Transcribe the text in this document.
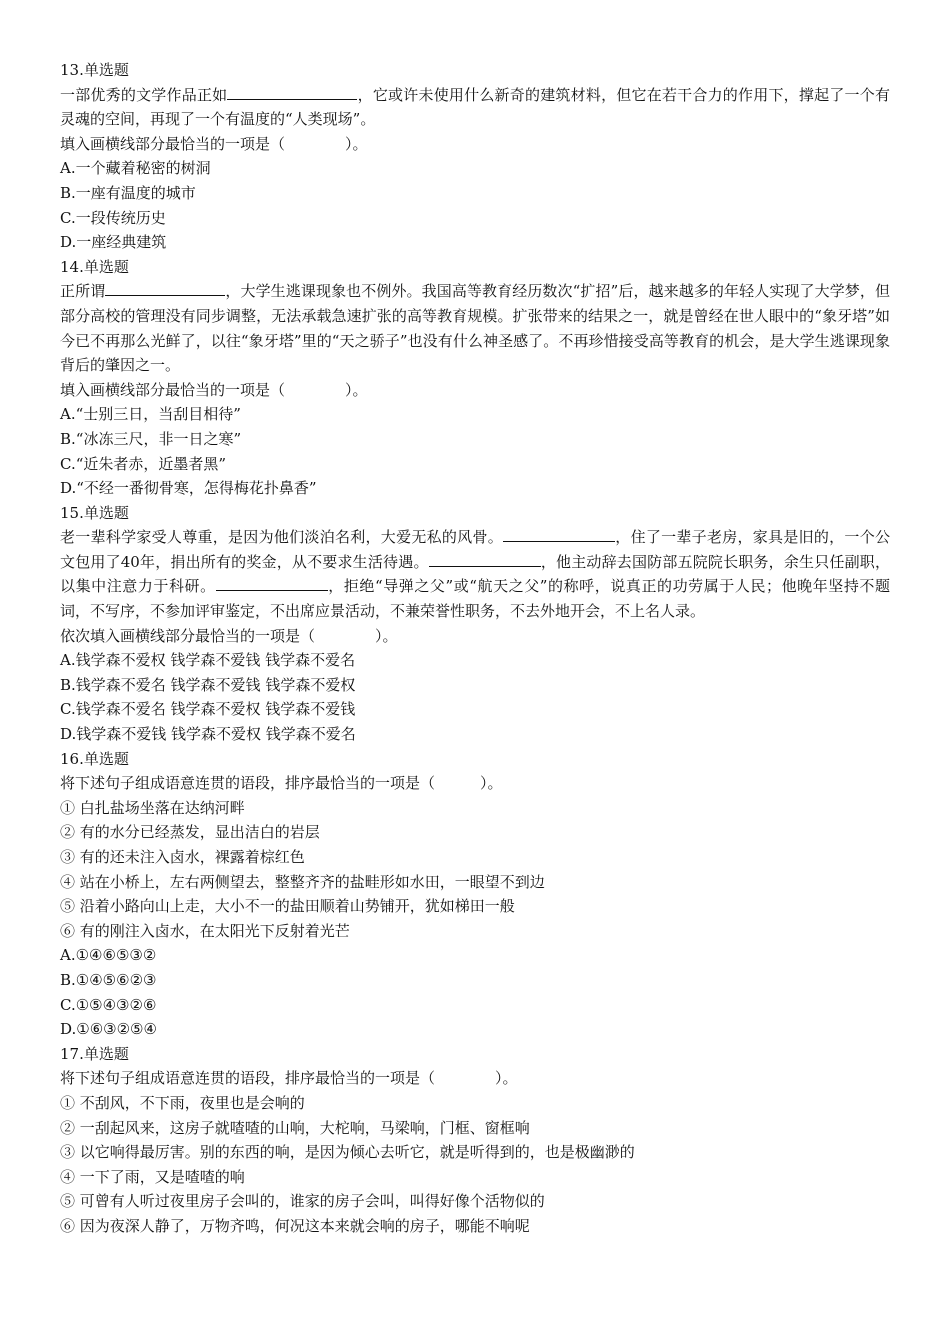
13.单选题
一部优秀的文学作品正如	，它或许未使用什么新奇的建筑材料，但它在若干合力的作用下，撑起了一个有灵魂的空间，再现了一个有温度的“人类现场”。
填入画横线部分最恰当的一项是（　　　　）。
A.一个藏着秘密的树洞
B.一座有温度的城市
C.一段传统历史
D.一座经典建筑
14.单选题
正所谓	，大学生逃课现象也不例外。我国高等教育经历数次“扩招”后，越来越多的年轻人实现了大学梦，但部分高校的管理没有同步调整，无法承载急速扩张的高等教育规模。扩张带来的结果之一，就是曾经在世人眼中的“象牙塔”如今已不再那么光鲜了，以往“象牙塔”里的“天之骄子”也没有什么神圣感了。不再珍惜接受高等教育的机会，是大学生逃课现象背后的肇因之一。
填入画横线部分最恰当的一项是（　　　　）。
A.“士别三日，当刮目相待”
B.“冰冻三尺，非一日之寒”
C.“近朱者赤，近墨者黑”
D.“不经一番彻骨寒，怎得梅花扑鼻香”
15.单选题
老一辈科学家受人尊重，是因为他们淡泊名利，大爱无私的风骨。	，住了一辈子老房，家具是旧的，一个公文包用了40年，捐出所有的奖金，从不要求生活待遇。	，他主动辞去国防部五院院长职务，余生只任副职，以集中注意力于科研。	，拒绝“导弹之父”或“航天之父”的称呼，说真正的功劳属于人民；他晚年坚持不题词，不写序，不参加评审鉴定，不出席应景活动，不兼荣誉性职务，不去外地开会，不上名人录。
依次填入画横线部分最恰当的一项是（　　　　）。
A.钱学森不爱权 钱学森不爱钱 钱学森不爱名
B.钱学森不爱名 钱学森不爱钱 钱学森不爱权
C.钱学森不爱名 钱学森不爱权 钱学森不爱钱
D.钱学森不爱钱 钱学森不爱权 钱学森不爱名
16.单选题
将下述句子组成语意连贯的语段，排序最恰当的一项是（　　　）。
① 白扎盐场坐落在达纳河畔
② 有的水分已经蒸发，显出洁白的岩层
③ 有的还未注入卤水，裸露着棕红色
④ 站在小桥上，左右两侧望去，整整齐齐的盐畦形如水田，一眼望不到边
⑤ 沿着小路向山上走，大小不一的盐田顺着山势铺开，犹如梯田一般
⑥ 有的刚注入卤水，在太阳光下反射着光芒
A.①④⑥⑤③②
B.①④⑤⑥②③
C.①⑤④③②⑥
D.①⑥③②⑤④
17.单选题
将下述句子组成语意连贯的语段，排序最恰当的一项是（　　　　）。
① 不刮风，不下雨，夜里也是会响的
② 一刮起风来，这房子就喳喳的山响，大柁响，马梁响，门框、窗框响
③ 以它响得最厉害。别的东西的响，是因为倾心去听它，就是听得到的，也是极幽渺的
④ 一下了雨，又是喳喳的响
⑤ 可曾有人听过夜里房子会叫的，谁家的房子会叫，叫得好像个活物似的
⑥ 因为夜深人静了，万物齐鸣，何况这本来就会响的房子，哪能不响呢
